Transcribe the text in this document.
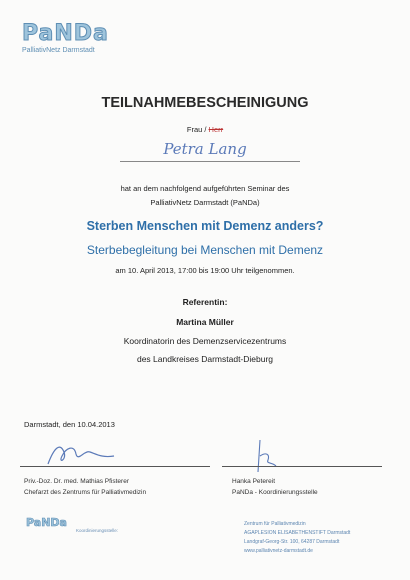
PaNDa
PalliativNetz Darmstadt
TEILNAHMEBESCHEINIGUNG
Frau / Herr
Petra Lang
hat an dem nachfolgend aufgeführten Seminar des
PalliativNetz Darmstadt (PaNDa)
Sterben Menschen mit Demenz anders?
Sterbebegleitung bei Menschen mit Demenz
am 10. April 2013, 17:00 bis 19:00 Uhr teilgenommen.
Referentin:
Martina Müller
Koordinatorin des Demenzservicezentrums
des Landkreises Darmstadt-Dieburg
Darmstadt, den 10.04.2013
Priv.-Doz. Dr. med. Mathias Pfisterer
Chefarzt des Zentrums für Palliativmedizin
Hanka Petereit
PaNDa - Koordinierungsstelle
PaNDa
Koordinierungsstelle:
Zentrum für Palliativmedizin
AGAPLESION ELISABETHENSTIFT Darmstadt
Landgraf-Georg-Str. 100, 64287 Darmstadt
www.palliativnetz-darmstadt.de
